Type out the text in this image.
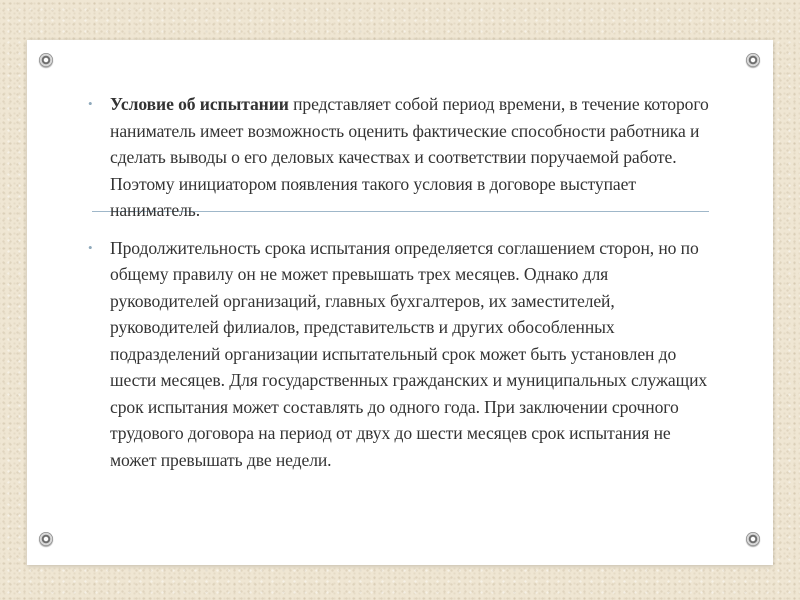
• Условие об испытании представляет собой период времени, в течение которого наниматель имеет возможность оценить фактические способности работника и сделать выводы о его деловых качествах и соответствии поручаемой работе. Поэтому инициатором появления такого условия в договоре выступает наниматель.
• Продолжительность срока испытания определяется соглашением сторон, но по общему правилу он не может превышать трех месяцев. Однако для руководителей организаций, главных бухгалтеров, их заместителей, руководителей филиалов, представительств и других обособленных подразделений организации испытательный срок может быть установлен до шести месяцев. Для государственных гражданских и муниципальных служащих срок испытания может составлять до одного года. При заключении срочного трудового договора на период от двух до шести месяцев срок испытания не может превышать две недели.
